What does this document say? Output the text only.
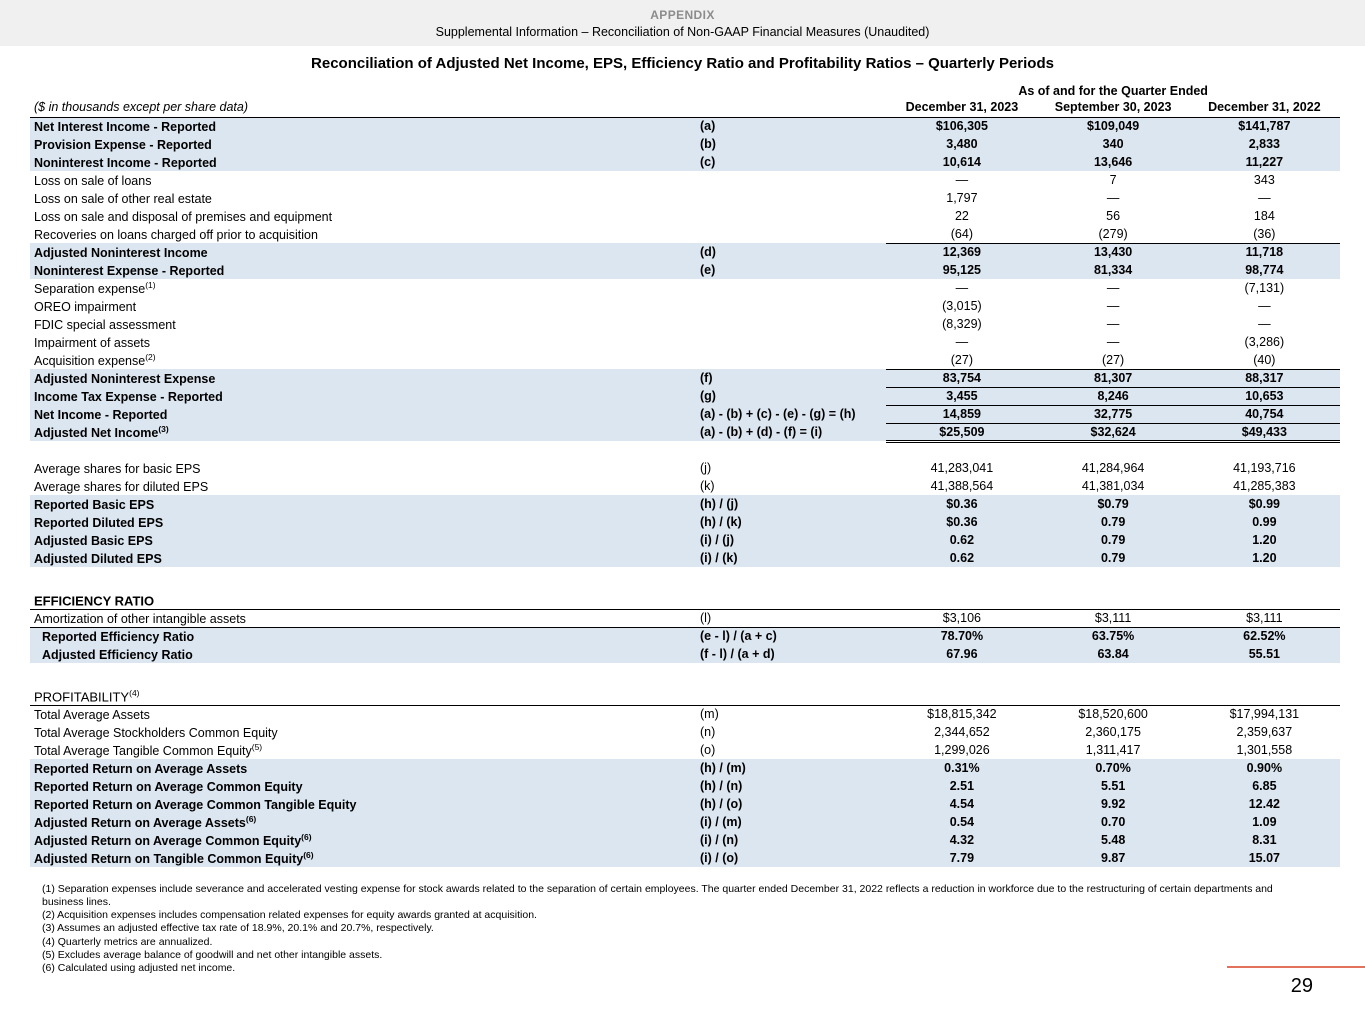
APPENDIX
Supplemental Information – Reconciliation of Non-GAAP Financial Measures (Unaudited)
Reconciliation of Adjusted Net Income, EPS, Efficiency Ratio and Profitability Ratios – Quarterly Periods
		As of and for the Quarter Ended		
($ in thousands except per share data)		December 31, 2023	September 30, 2023	December 31, 2022
Net Interest Income - Reported	(a)	$106,305	$109,049	$141,787
Provision Expense - Reported	(b)	3,480	340	2,833
Noninterest Income - Reported	(c)	10,614	13,646	11,227
Loss on sale of loans		—	7	343
Loss on sale of other real estate		1,797	—	—
Loss on sale and disposal of premises and equipment		22	56	184
Recoveries on loans charged off prior to acquisition		(64)	(279)	(36)
Adjusted Noninterest Income	(d)	12,369	13,430	11,718
Noninterest Expense - Reported	(e)	95,125	81,334	98,774
Separation expense$^{(1)}$		—	—	(7,131)
OREO impairment		(3,015)	—	—
FDIC special assessment		(8,329)	—	—
Impairment of assets		—	—	(3,286)
Acquisition expense$^{(2)}$		(27)	(27)	(40)
Adjusted Noninterest Expense	(f)	83,754	81,307	88,317
Income Tax Expense - Reported	(g)	3,455	8,246	10,653
Net Income - Reported	(a) - (b) + (c) - (e) - (g) = (h)	14,859	32,775	40,754
Adjusted Net Income$^{(3)}$	(a) - (b) + (d) - (f) = (i)	$25,509	$32,624	$49,433

Average shares for basic EPS	(j)	41,283,041	41,284,964	41,193,716
Average shares for diluted EPS	(k)	41,388,564	41,381,034	41,285,383
Reported Basic EPS	(h) / (j)	$0.36	$0.79	$0.99
Reported Diluted EPS	(h) / (k)	$0.36	0.79	0.99
Adjusted Basic EPS	(i) / (j)	0.62	0.79	1.20
Adjusted Diluted EPS	(i) / (k)	0.62	0.79	1.20

EFFICIENCY RATIO				
Amortization of other intangible assets	(l)	$3,106	$3,111	$3,111
Reported Efficiency Ratio	(e - l) / (a + c)	78.70%	63.75%	62.52%
Adjusted Efficiency Ratio	(f - l) / (a + d)	67.96	63.84	55.51

PROFITABILITY$^{(4)}$				
Total Average Assets	(m)	$18,815,342	$18,520,600	$17,994,131
Total Average Stockholders Common Equity	(n)	2,344,652	2,360,175	2,359,637
Total Average Tangible Common Equity$^{(5)}$	(o)	1,299,026	1,311,417	1,301,558
Reported Return on Average Assets	(h) / (m)	0.31%	0.70%	0.90%
Reported Return on Average Common Equity	(h) / (n)	2.51	5.51	6.85
Reported Return on Average Common Tangible Equity	(h) / (o)	4.54	9.92	12.42
Adjusted Return on Average Assets$^{(6)}$	(i) / (m)	0.54	0.70	1.09
Adjusted Return on Average Common Equity$^{(6)}$	(i) / (n)	4.32	5.48	8.31
Adjusted Return on Tangible Common Equity$^{(6)}$	(i) / (o)	7.79	9.87	15.07

(1) Separation expenses include severance and accelerated vesting expense for stock awards related to the separation of certain employees. The quarter ended December 31, 2022 reflects a reduction in workforce due to the restructuring of certain departments and business lines.

(2) Acquisition expenses includes compensation related expenses for equity awards granted at acquisition.

(3) Assumes an adjusted effective tax rate of 18.9%, 20.1% and 20.7%, respectively.

(4) Quarterly metrics are annualized.

(5) Excludes average balance of goodwill and net other intangible assets.

(6) Calculated using adjusted net income.

29
